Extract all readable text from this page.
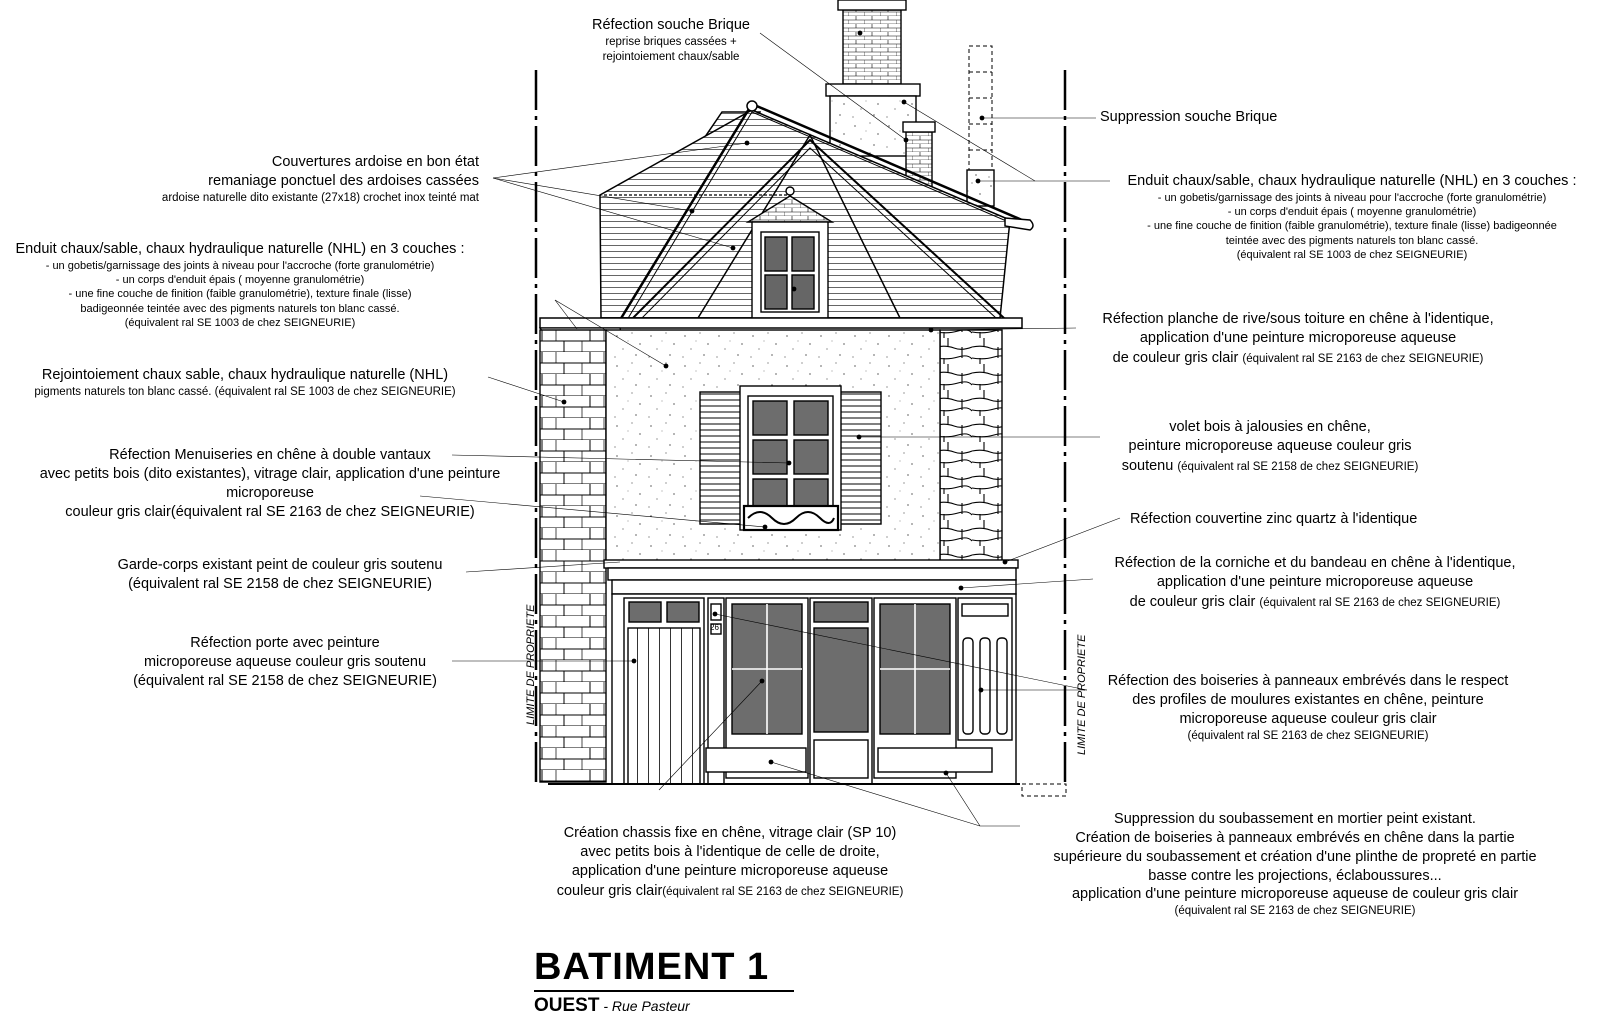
26
LIMITE DE PROPRIETE	LIMITE DE PROPRIETE
Réfection souche Brique
reprise briques cassées +
rejointoiement chaux/sable
Suppression souche Brique
Couvertures ardoise en bon état
remaniage ponctuel des ardoises cassées
ardoise naturelle dito existante (27x18) crochet inox teinté mat
Enduit chaux/sable, chaux hydraulique naturelle (NHL) en 3 couches :
- un gobetis/garnissage des joints à niveau pour l'accroche (forte granulométrie)
- un corps d'enduit épais ( moyenne granulométrie)
- une fine couche de finition (faible granulométrie), texture finale (lisse) badigeonnée
teintée avec des pigments naturels ton blanc cassé.
(équivalent ral SE 1003 de chez SEIGNEURIE)
Enduit chaux/sable, chaux hydraulique naturelle (NHL) en 3 couches :
- un gobetis/garnissage des joints à niveau pour l'accroche (forte granulométrie)
- un corps d'enduit épais ( moyenne granulométrie)
- une fine couche de finition (faible granulométrie), texture finale (lisse)
badigeonnée teintée avec des pigments naturels ton blanc cassé.
(équivalent ral SE 1003 de chez SEIGNEURIE)
Rejointoiement chaux sable, chaux hydraulique naturelle (NHL)
pigments naturels ton blanc cassé. (équivalent ral SE 1003 de chez SEIGNEURIE)
Réfection Menuiseries en chêne à double vantaux
avec petits bois (dito existantes), vitrage clair, application d'une peinture
microporeuse
couleur gris clair(équivalent ral SE 2163 de chez SEIGNEURIE)
Garde-corps existant peint de couleur gris soutenu
(équivalent ral SE 2158 de chez SEIGNEURIE)
Réfection porte avec peinture
microporeuse aqueuse couleur gris soutenu
(équivalent ral SE 2158 de chez SEIGNEURIE)
Réfection planche de rive/sous toiture en chêne à l'identique,
application d'une peinture microporeuse aqueuse
de couleur gris clair (équivalent ral SE 2163 de chez SEIGNEURIE)
volet bois à jalousies en chêne,
peinture microporeuse aqueuse couleur gris
soutenu (équivalent ral SE 2158 de chez SEIGNEURIE)
Réfection couvertine zinc quartz à l'identique
Réfection de la corniche et du bandeau en chêne à l'identique,
application d'une peinture microporeuse aqueuse
de couleur gris clair (équivalent ral SE 2163 de chez SEIGNEURIE)
Réfection des boiseries à panneaux embrévés dans le respect
des profiles de moulures existantes en chêne, peinture
microporeuse aqueuse couleur gris clair
(équivalent ral SE 2163 de chez SEIGNEURIE)
Création chassis fixe en chêne, vitrage clair (SP 10)
avec petits bois à l'identique de celle de droite,
application d'une peinture microporeuse aqueuse
couleur gris clair(équivalent ral SE 2163 de chez SEIGNEURIE)
Suppression du soubassement en mortier peint existant.
Création de boiseries à panneaux embrévés en chêne dans la partie
supérieure du soubassement et création d'une plinthe de propreté en partie
basse contre les projections, éclaboussures...
application d'une peinture microporeuse aqueuse de couleur gris clair
(équivalent ral SE 2163 de chez SEIGNEURIE)
BATIMENT 1
OUEST - Rue Pasteur
